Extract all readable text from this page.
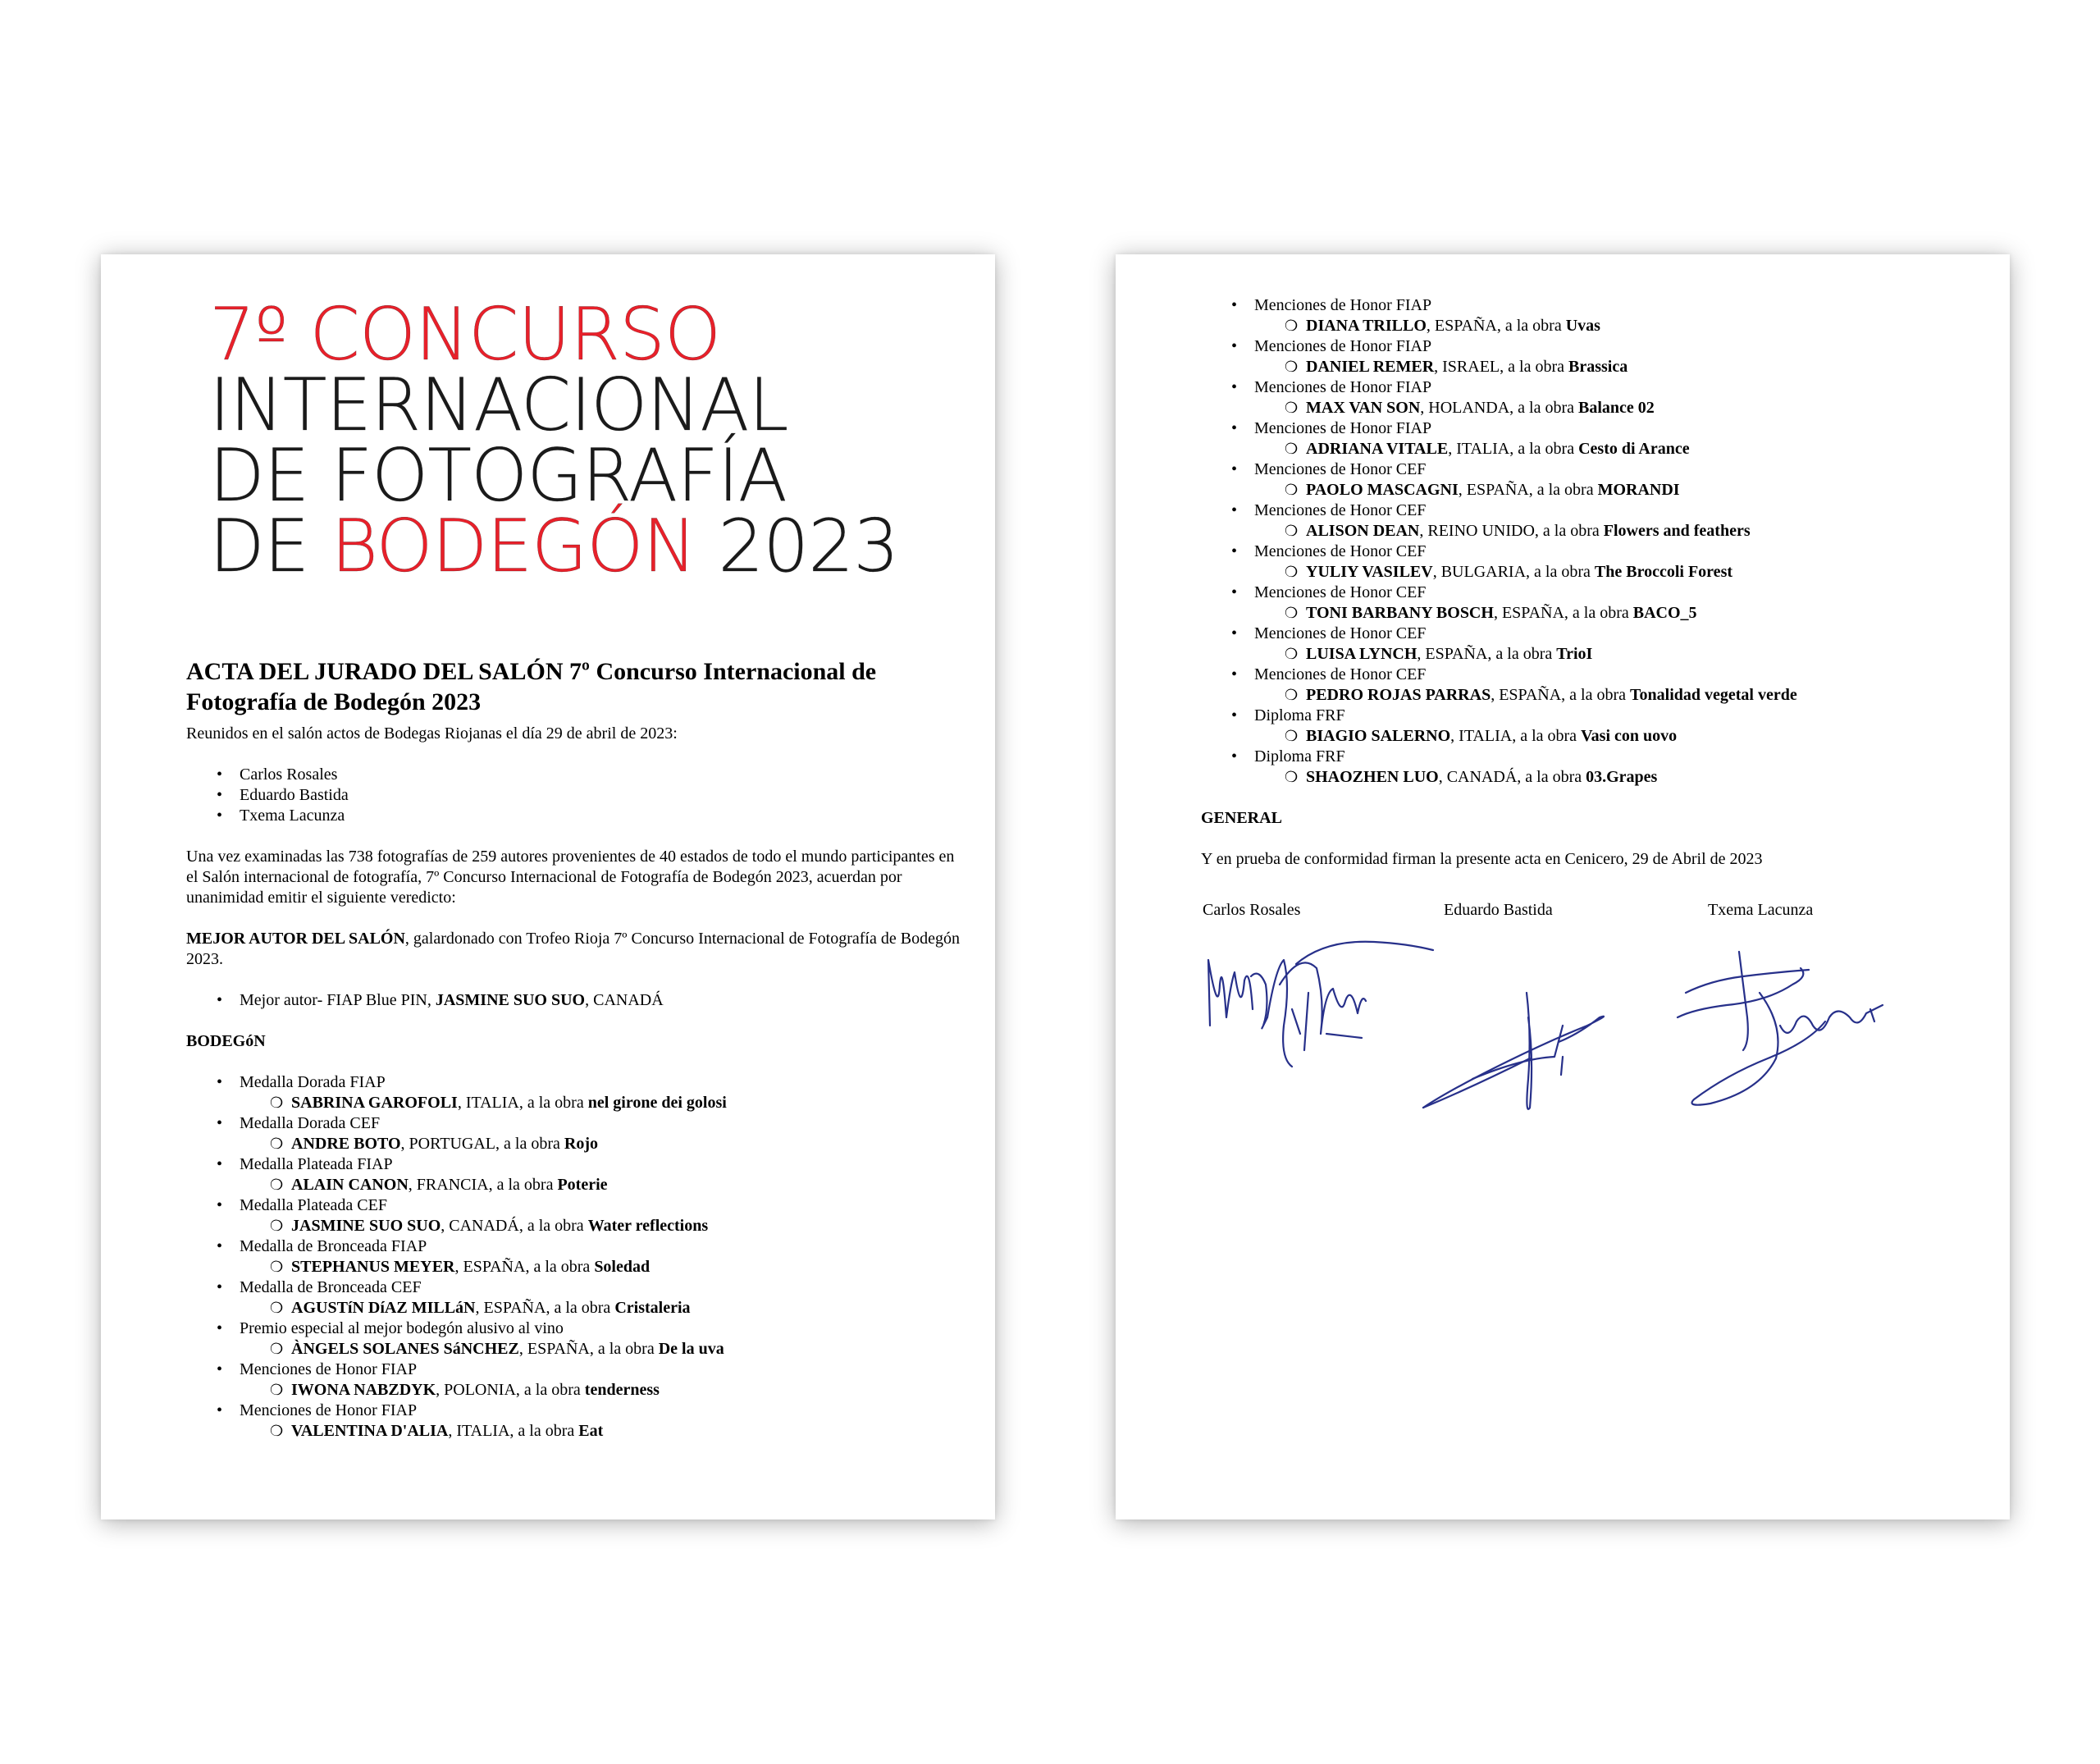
7º CONCURSO
INTERNACIONAL
DE FOTOGRAFÍA
DE BODEGÓN 2023
ACTA DEL JURADO DEL SALÓN 7º Concurso Internacional de Fotografía de Bodegón 2023

Reunidos en el salón actos de Bodegas Riojanas el día 29 de abril de 2023:

• Carlos Rosales
• Eduardo Bastida
• Txema Lacunza

Una vez examinadas las 738 fotografías de 259 autores provenientes de 40 estados de todo el mundo participantes en el Salón internacional de fotografía, 7º Concurso Internacional de Fotografía de Bodegón 2023, acuerdan por unanimidad emitir el siguiente veredicto:

MEJOR AUTOR DEL SALÓN, galardonado con Trofeo Rioja 7º Concurso Internacional de Fotografía de Bodegón 2023.

• Mejor autor- FIAP Blue PIN, JASMINE SUO SUO, CANADÁ

BODEGóN

• Medalla Dorada FIAP
❍ SABRINA GAROFOLI, ITALIA, a la obra nel girone dei golosi
• Medalla Dorada CEF
❍ ANDRE BOTO, PORTUGAL, a la obra Rojo
• Medalla Plateada FIAP
❍ ALAIN CANON, FRANCIA, a la obra Poterie
• Medalla Plateada CEF
❍ JASMINE SUO SUO, CANADÁ, a la obra Water reflections
• Medalla de Bronceada FIAP
❍ STEPHANUS MEYER, ESPAÑA, a la obra Soledad
• Medalla de Bronceada CEF
❍ AGUSTíN DíAZ MILLáN, ESPAÑA, a la obra Cristaleria
• Premio especial al mejor bodegón alusivo al vino
❍ ÀNGELS SOLANES SáNCHEZ, ESPAÑA, a la obra De la uva
• Menciones de Honor FIAP
❍ IWONA NABZDYK, POLONIA, a la obra tenderness
• Menciones de Honor FIAP
❍ VALENTINA D'ALIA, ITALIA, a la obra Eat
• Menciones de Honor FIAP
❍ DIANA TRILLO, ESPAÑA, a la obra Uvas
• Menciones de Honor FIAP
❍ DANIEL REMER, ISRAEL, a la obra Brassica
• Menciones de Honor FIAP
❍ MAX VAN SON, HOLANDA, a la obra Balance 02
• Menciones de Honor FIAP
❍ ADRIANA VITALE, ITALIA, a la obra Cesto di Arance
• Menciones de Honor CEF
❍ PAOLO MASCAGNI, ESPAÑA, a la obra MORANDI
• Menciones de Honor CEF
❍ ALISON DEAN, REINO UNIDO, a la obra Flowers and feathers
• Menciones de Honor CEF
❍ YULIY VASILEV, BULGARIA, a la obra The Broccoli Forest
• Menciones de Honor CEF
❍ TONI BARBANY BOSCH, ESPAÑA, a la obra BACO_5
• Menciones de Honor CEF
❍ LUISA LYNCH, ESPAÑA, a la obra TrioI
• Menciones de Honor CEF
❍ PEDRO ROJAS PARRAS, ESPAÑA, a la obra Tonalidad vegetal verde
• Diploma FRF
❍ BIAGIO SALERNO, ITALIA, a la obra Vasi con uovo
• Diploma FRF
❍ SHAOZHEN LUO, CANADÁ, a la obra 03.Grapes

GENERAL

Y en prueba de conformidad firman la presente acta en Cenicero, 29 de Abril de 2023

Carlos Rosales	Eduardo Bastida	Txema Lacunza
